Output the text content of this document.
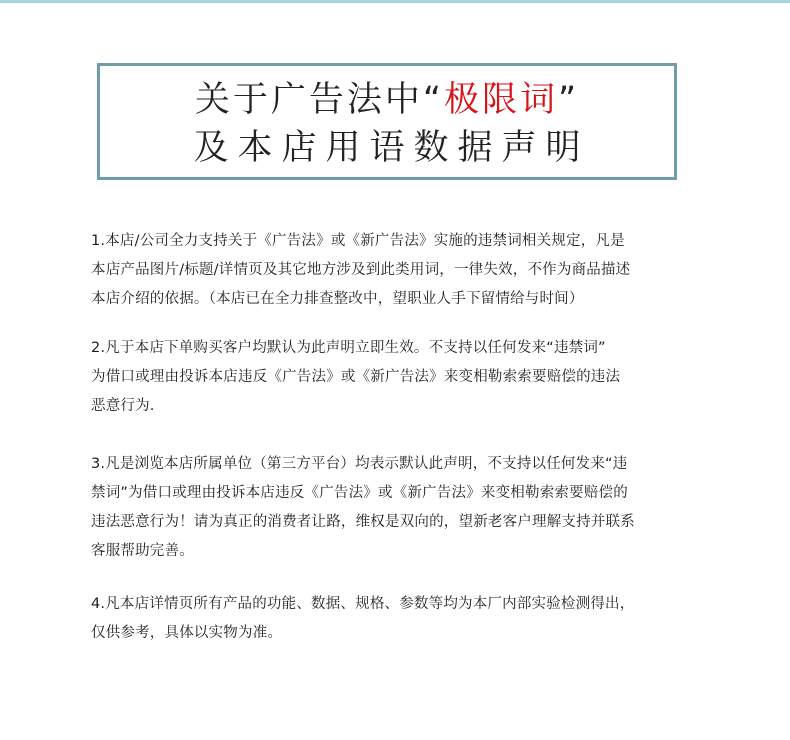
关于广告法中“极限词”
及本店用语数据声明

1.本店/公司全力支持关于《广告法》或《新广告法》实施的违禁词相关规定，凡是
本店产品图片/标题/详情页及其它地方涉及到此类用词，一律失效，不作为商品描述
本店介绍的依据。（本店已在全力排查整改中，望职业人手下留情给与时间）

2.凡于本店下单购买客户均默认为此声明立即生效。不支持以任何发来“违禁词”
为借口或理由投诉本店违反《广告法》或《新广告法》来变相勒索索要赔偿的违法
恶意行为.

3.凡是浏览本店所属单位（第三方平台）均表示默认此声明，不支持以任何发来“违
禁词”为借口或理由投诉本店违反《广告法》或《新广告法》来变相勒索索要赔偿的
违法恶意行为！请为真正的消费者让路，维权是双向的，望新老客户理解支持并联系
客服帮助完善。

4.凡本店详情页所有产品的功能、数据、规格、参数等均为本厂内部实验检测得出，
仅供参考，具体以实物为准。
